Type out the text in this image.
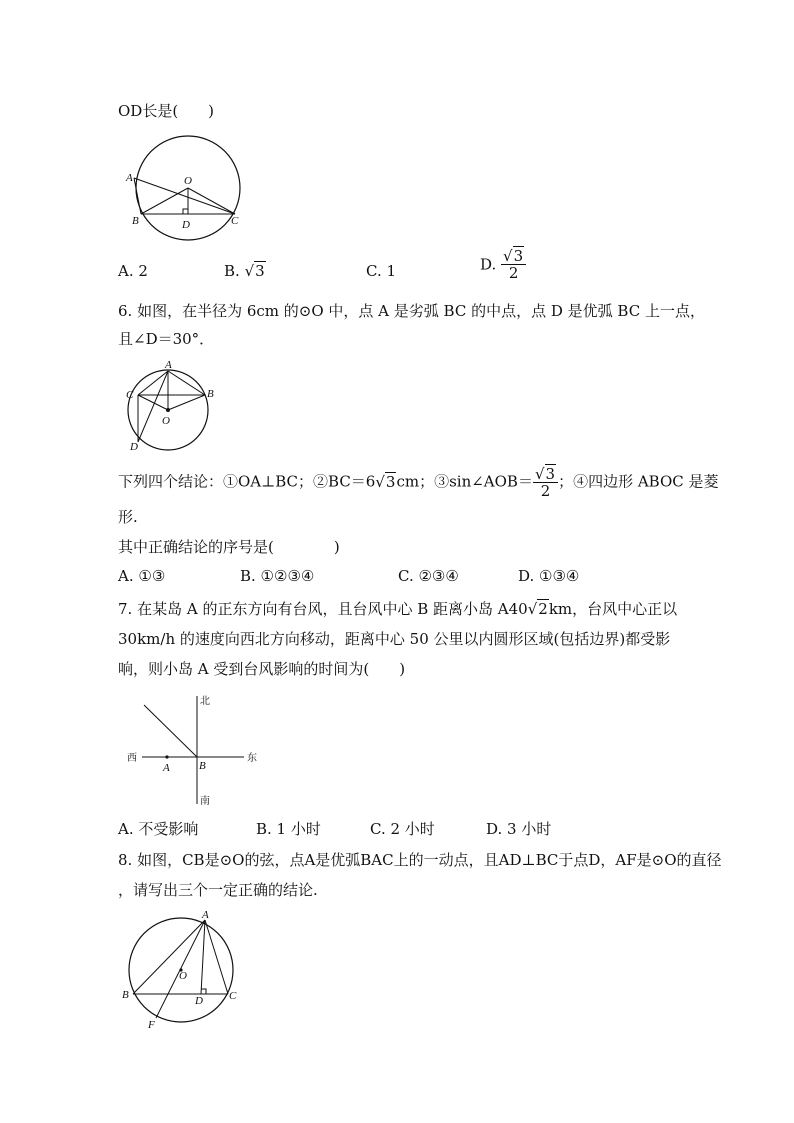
OD长是(　　)
A
B	C
D
O
A. 2	B. √3	C. 1	D. $\frac{√3}{2}$
6. 如图，在半径为 6cm 的⊙O 中，点 A 是劣弧 BC 的中点，点 D 是优弧 BC 上一点，
且∠D＝30°．
A
B
C
D
O
下列四个结论：①OA⊥BC；②BC＝6√3cm；③sin∠AOB＝ $\frac{√3}{2}$ ；④四边形 ABOC 是菱
形.
其中正确结论的序号是(　　　　)
A. ①③	B. ①②③④	C. ②③④	D. ①③④
7. 在某岛 A 的正东方向有台风，且台风中心 B 距离小岛 A40√2km，台风中心正以
30km/h 的速度向西北方向移动，距离中心 50 公里以内圆形区域(包括边界)都受影
响，则小岛 A 受到台风影响的时间为(　　)
北
南
东
西
A	B
A. 不受影响	B. 1 小时	C. 2 小时	D. 3 小时
8. 如图，CB是⊙O的弦，点A是优弧BAC上的一动点，且AD⊥BC于点D，AF是⊙O的直径
，请写出三个一定正确的结论.
A
B	C
D
F
O
